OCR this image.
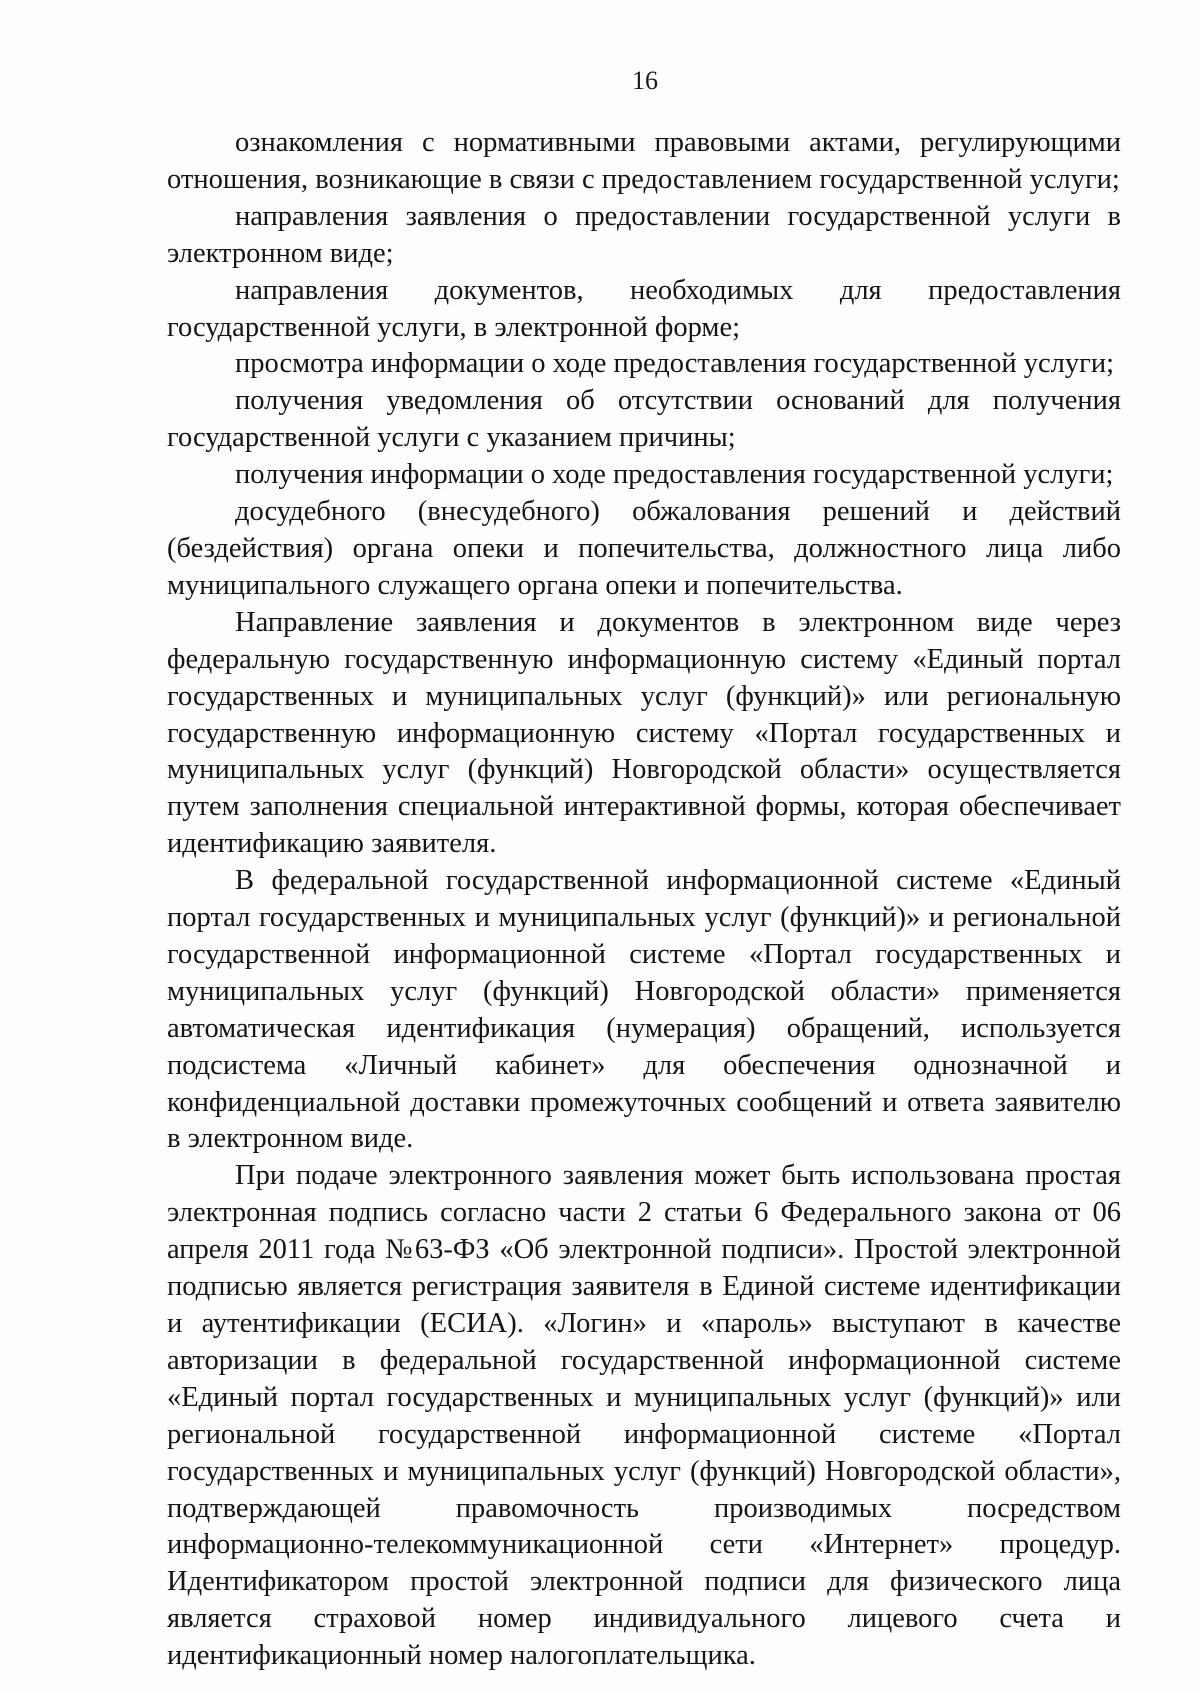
16

ознакомления с нормативными правовыми актами, регулирующими отношения, возникающие в связи с предоставлением государственной услуги;

направления заявления о предоставлении государственной услуги в электронном виде;

направления документов, необходимых для предоставления государственной услуги, в электронной форме;

просмотра информации о ходе предоставления государственной услуги;

получения уведомления об отсутствии оснований для получения государственной услуги с указанием причины;

получения информации о ходе предоставления государственной услуги;

досудебного (внесудебного) обжалования решений и действий (бездействия) органа опеки и попечительства, должностного лица либо муниципального служащего органа опеки и попечительства.

Направление заявления и документов в электронном виде через федеральную государственную информационную систему «Единый портал государственных и муниципальных услуг (функций)» или региональную государственную информационную систему «Портал государственных и муниципальных услуг (функций) Новгородской области» осуществляется путем заполнения специальной интерактивной формы, которая обеспечивает идентификацию заявителя.

В федеральной государственной информационной системе «Единый портал государственных и муниципальных услуг (функций)» и региональной государственной информационной системе «Портал государственных и муниципальных услуг (функций) Новгородской области» применяется автоматическая идентификация (нумерация) обращений, используется подсистема «Личный кабинет» для обеспечения однозначной и конфиденциальной доставки промежуточных сообщений и ответа заявителю в электронном виде.

При подаче электронного заявления может быть использована простая электронная подпись согласно части 2 статьи 6 Федерального закона от 06 апреля 2011 года №63-ФЗ «Об электронной подписи». Простой электронной подписью является регистрация заявителя в Единой системе идентификации и аутентификации (ЕСИА). «Логин» и «пароль» выступают в качестве авторизации в федеральной государственной информационной системе «Единый портал государственных и муниципальных услуг (функций)» или региональной государственной информационной системе «Портал государственных и муниципальных услуг (функций) Новгородской области», подтверждающей правомочность производимых посредством информационно-телекоммуникационной сети «Интернет» процедур. Идентификатором простой электронной подписи для физического лица является страховой номер индивидуального лицевого счета и идентификационный номер налогоплательщика.
